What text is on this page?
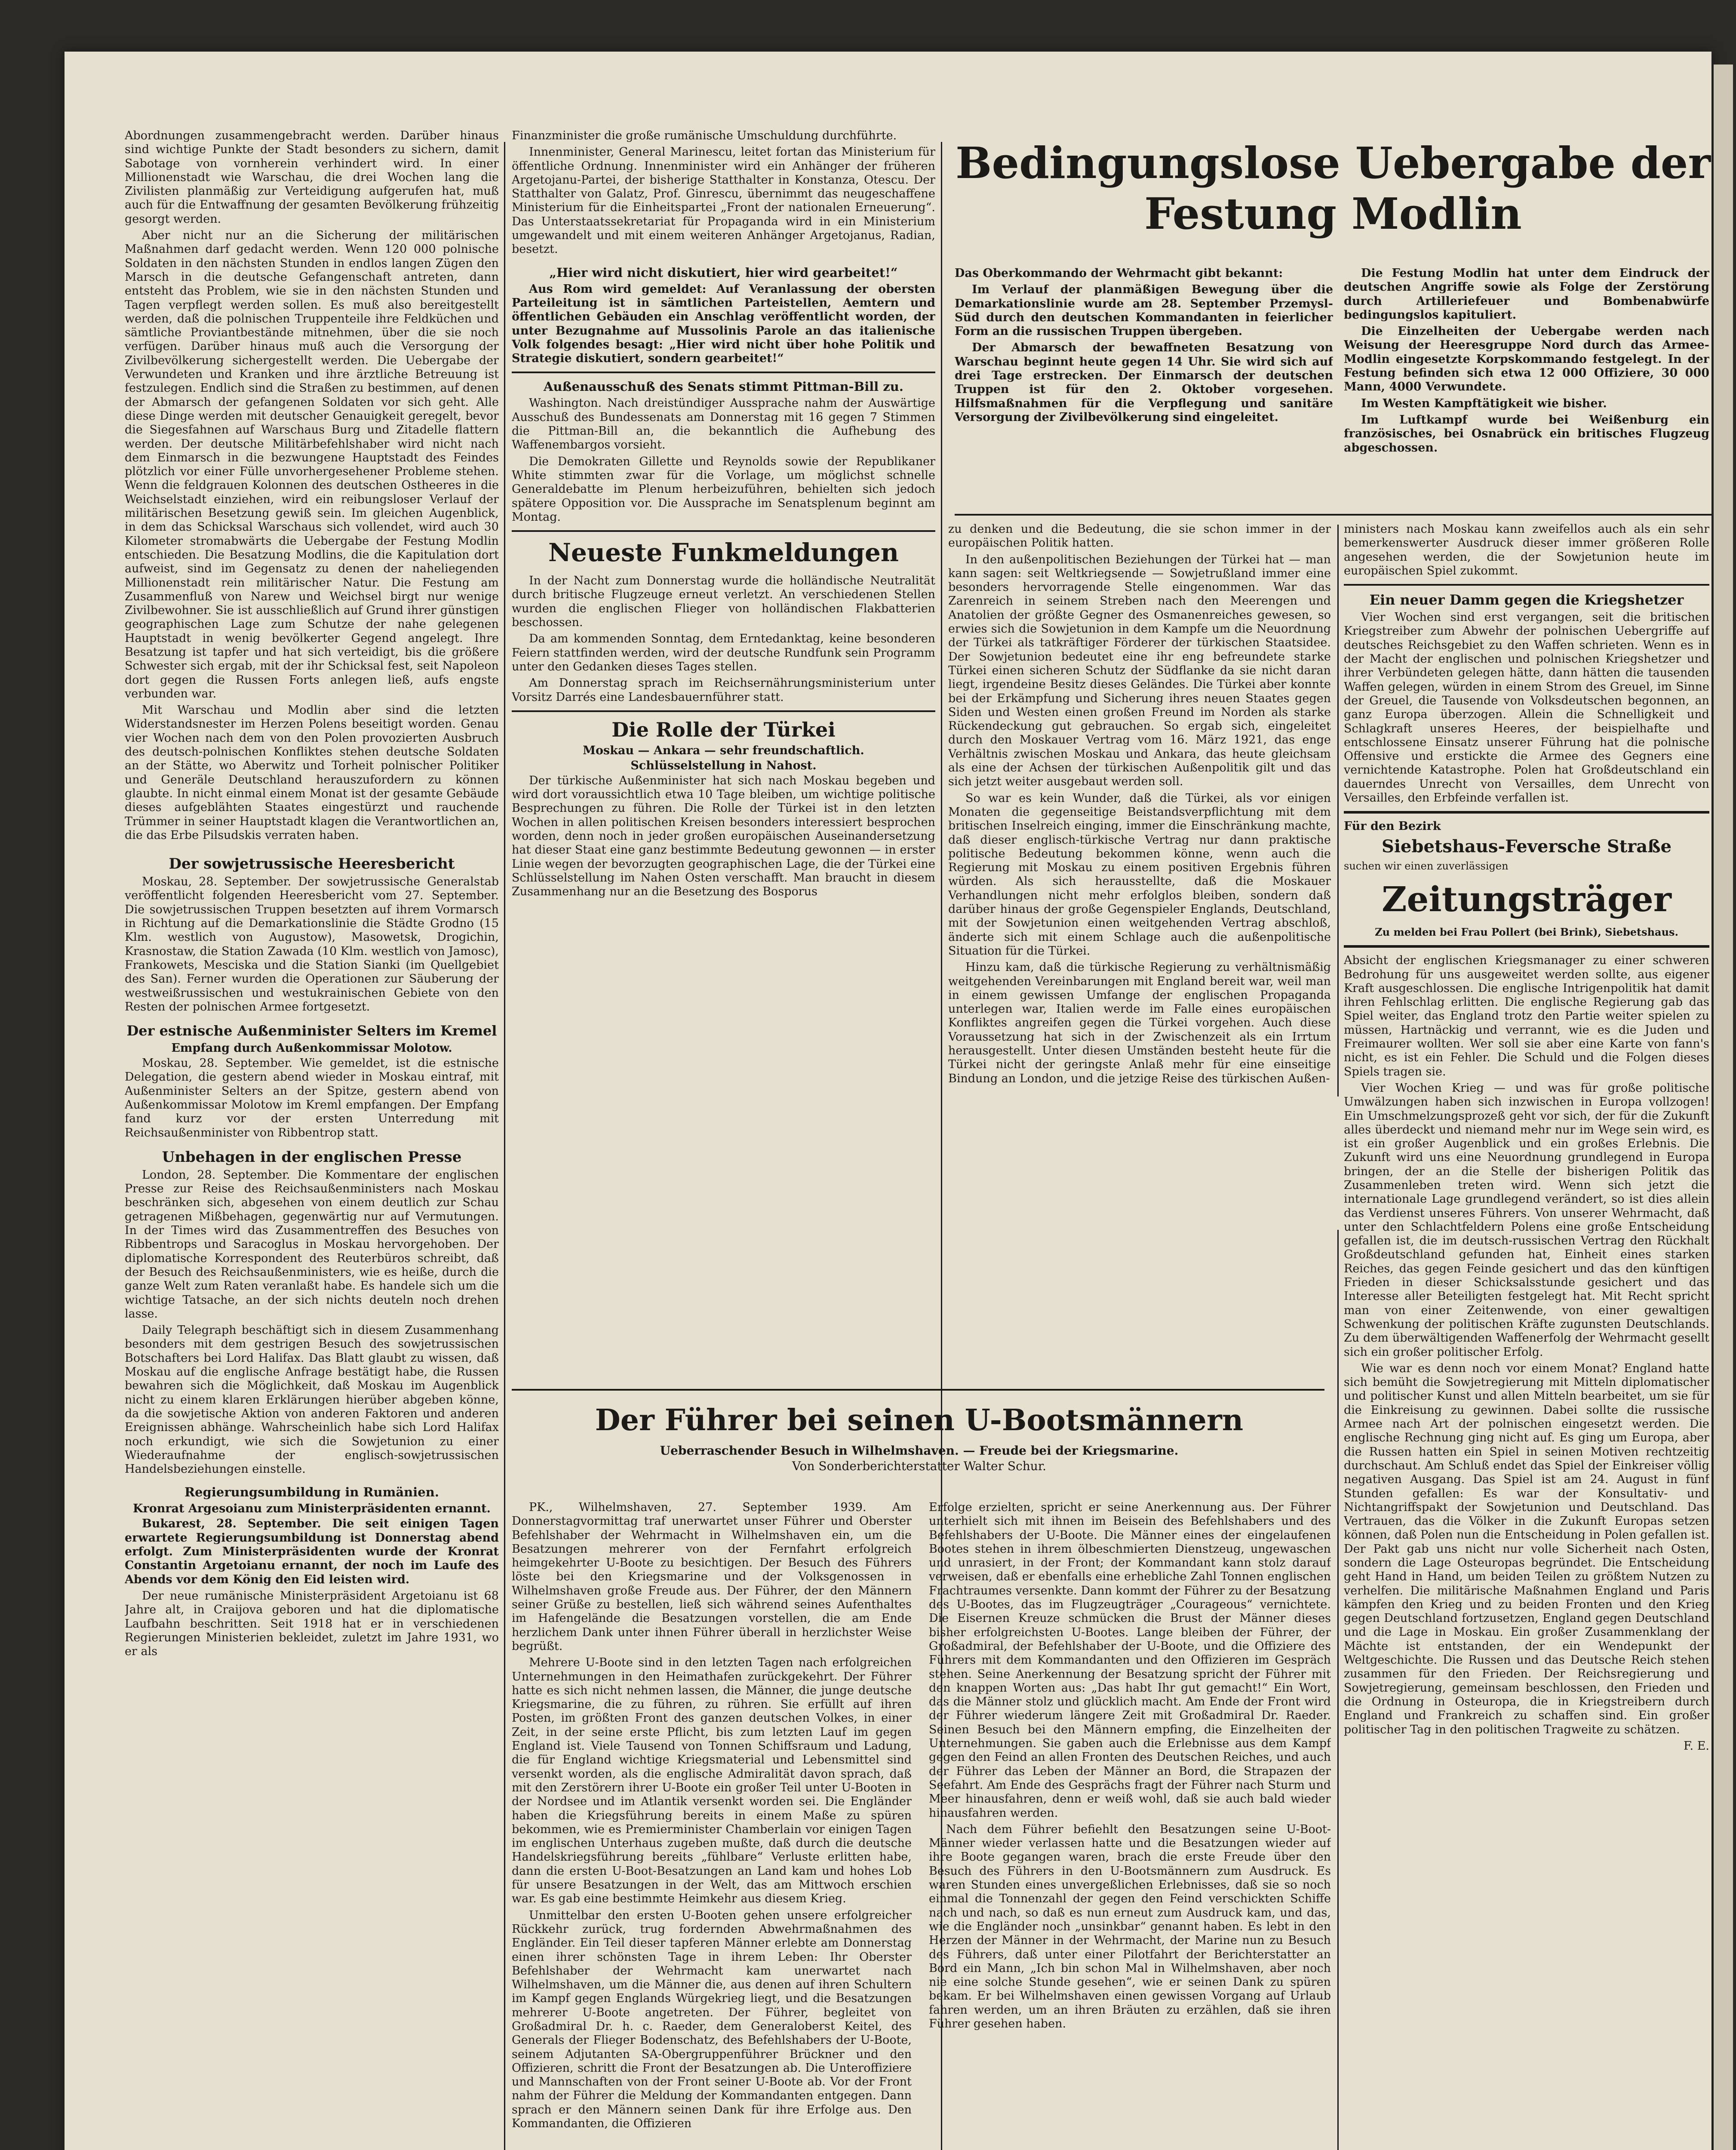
Abordnungen zusammengebracht werden. Darüber hinaus sind wichtige Punkte der Stadt besonders zu sichern, damit Sabotage von vornherein verhindert wird. In einer Millionenstadt wie Warschau, die drei Wochen lang die Zivilisten planmäßig zur Verteidigung aufgerufen hat, muß auch für die Entwaffnung der gesamten Bevölkerung frühzeitig gesorgt werden.

Aber nicht nur an die Sicherung der militärischen Maßnahmen darf gedacht werden. Wenn 120 000 polnische Soldaten in den nächsten Stunden in endlos langen Zügen den Marsch in die deutsche Gefangenschaft antreten, dann entsteht das Problem, wie sie in den nächsten Stunden und Tagen verpflegt werden sollen. Es muß also bereitgestellt werden, daß die polnischen Truppenteile ihre Feldküchen und sämtliche Proviantbestände mitnehmen, über die sie noch verfügen. Darüber hinaus muß auch die Versorgung der Zivilbevölkerung sichergestellt werden. Die Uebergabe der Verwundeten und Kranken und ihre ärztliche Betreuung ist festzulegen. Endlich sind die Straßen zu bestimmen, auf denen der Abmarsch der gefangenen Soldaten vor sich geht. Alle diese Dinge werden mit deutscher Genauigkeit geregelt, bevor die Siegesfahnen auf Warschaus Burg und Zitadelle flattern werden. Der deutsche Militärbefehlshaber wird nicht nach dem Einmarsch in die bezwungene Hauptstadt des Feindes plötzlich vor einer Fülle unvorhergesehener Probleme stehen. Wenn die feldgrauen Kolonnen des deutschen Ostheeres in die Weichselstadt einziehen, wird ein reibungsloser Verlauf der militärischen Besetzung gewiß sein. Im gleichen Augenblick, in dem das Schicksal Warschaus sich vollendet, wird auch 30 Kilometer stromabwärts die Uebergabe der Festung Modlin entschieden. Die Besatzung Modlins, die die Kapitulation dort aufweist, sind im Gegensatz zu denen der naheliegenden Millionenstadt rein militärischer Natur. Die Festung am Zusammenfluß von Narew und Weichsel birgt nur wenige Zivilbewohner. Sie ist ausschließlich auf Grund ihrer günstigen geographischen Lage zum Schutze der nahe gelegenen Hauptstadt in wenig bevölkerter Gegend angelegt. Ihre Besatzung ist tapfer und hat sich verteidigt, bis die größere Schwester sich ergab, mit der ihr Schicksal fest, seit Napoleon dort gegen die Russen Forts anlegen ließ, aufs engste verbunden war.

Mit Warschau und Modlin aber sind die letzten Widerstandsnester im Herzen Polens beseitigt worden. Genau vier Wochen nach dem von den Polen provozierten Ausbruch des deutsch-polnischen Konfliktes stehen deutsche Soldaten an der Stätte, wo Aberwitz und Torheit polnischer Politiker und Generäle Deutschland herauszufordern zu können glaubte. In nicht einmal einem Monat ist der gesamte Gebäude dieses aufgeblähten Staates eingestürzt und rauchende Trümmer in seiner Hauptstadt klagen die Verantwortlichen an, die das Erbe Pilsudskis verraten haben.

Der sowjetrussische Heeresbericht

Moskau, 28. September. Der sowjetrussische Generalstab veröffentlicht folgenden Heeresbericht vom 27. September. Die sowjetrussischen Truppen besetzten auf ihrem Vormarsch in Richtung auf die Demarkationslinie die Städte Grodno (15 Klm. westlich von Augustow), Masowetsk, Drogichin, Krasnostaw, die Station Zawada (10 Klm. westlich von Jamosc), Frankowets, Mesciska und die Station Sianki (im Quellgebiet des San). Ferner wurden die Operationen zur Säuberung der westweißrussischen und westukrainischen Gebiete von den Resten der polnischen Armee fortgesetzt.

Der estnische Außenminister Selters im Kremel
Empfang durch Außenkommissar Molotow.

Moskau, 28. September. Wie gemeldet, ist die estnische Delegation, die gestern abend wieder in Moskau eintraf, mit Außenminister Selters an der Spitze, gestern abend von Außenkommissar Molotow im Kreml empfangen. Der Empfang fand kurz vor der ersten Unterredung mit Reichsaußenminister von Ribbentrop statt.

Unbehagen in der englischen Presse

London, 28. September. Die Kommentare der englischen Presse zur Reise des Reichsaußenministers nach Moskau beschränken sich, abgesehen von einem deutlich zur Schau getragenen Mißbehagen, gegenwärtig nur auf Vermutungen. In der Times wird das Zusammentreffen des Besuches von Ribbentrops und Saracoglus in Moskau hervorgehoben. Der diplomatische Korrespondent des Reuterbüros schreibt, daß der Besuch des Reichsaußenministers, wie es heiße, durch die ganze Welt zum Raten veranlaßt habe. Es handele sich um die wichtige Tatsache, an der sich nichts deuteln noch drehen lasse.

Daily Telegraph beschäftigt sich in diesem Zusammenhang besonders mit dem gestrigen Besuch des sowjetrussischen Botschafters bei Lord Halifax. Das Blatt glaubt zu wissen, daß Moskau auf die englische Anfrage bestätigt habe, die Russen bewahren sich die Möglichkeit, daß Moskau im Augenblick nicht zu einem klaren Erklärungen hierüber abgeben könne, da die sowjetische Aktion von anderen Faktoren und anderen Ereignissen abhänge. Wahrscheinlich habe sich Lord Halifax noch erkundigt, wie sich die Sowjetunion zu einer Wiederaufnahme der englisch-sowjetrussischen Handelsbeziehungen einstelle.

Regierungsumbildung in Rumänien.
Kronrat Argesoianu zum Ministerpräsidenten ernannt.

Bukarest, 28. September. Die seit einigen Tagen erwartete Regierungsumbildung ist Donnerstag abend erfolgt. Zum Ministerpräsidenten wurde der Kronrat Constantin Argetoianu ernannt, der noch im Laufe des Abends vor dem König den Eid leisten wird.

Der neue rumänische Ministerpräsident Argetoianu ist 68 Jahre alt, in Craijova geboren und hat die diplomatische Laufbahn beschritten. Seit 1918 hat er in verschiedenen Regierungen Ministerien bekleidet, zuletzt im Jahre 1931, wo er als

Finanzminister die große rumänische Umschuldung durchführte.

Innenminister, General Marinescu, leitet fortan das Ministerium für öffentliche Ordnung. Innenminister wird ein Anhänger der früheren Argetojanu-Partei, der bisherige Statthalter in Konstanza, Otescu. Der Statthalter von Galatz, Prof. Ginrescu, übernimmt das neugeschaffene Ministerium für die Einheitspartei „Front der nationalen Erneuerung“. Das Unterstaatssekretariat für Propaganda wird in ein Ministerium umgewandelt und mit einem weiteren Anhänger Argetojanus, Radian, besetzt.

„Hier wird nicht diskutiert, hier wird gearbeitet!“

Aus Rom wird gemeldet: Auf Veranlassung der obersten Parteileitung ist in sämtlichen Parteistellen, Aemtern und öffentlichen Gebäuden ein Anschlag veröffentlicht worden, der unter Bezugnahme auf Mussolinis Parole an das italienische Volk folgendes besagt: „Hier wird nicht über hohe Politik und Strategie diskutiert, sondern gearbeitet!“

Außenausschuß des Senats stimmt Pittman-Bill zu.

Washington. Nach dreistündiger Aussprache nahm der Auswärtige Ausschuß des Bundessenats am Donnerstag mit 16 gegen 7 Stimmen die Pittman-Bill an, die bekanntlich die Aufhebung des Waffenembargos vorsieht.

Die Demokraten Gillette und Reynolds sowie der Republikaner White stimmten zwar für die Vorlage, um möglichst schnelle Generaldebatte im Plenum herbeizuführen, behielten sich jedoch spätere Opposition vor. Die Aussprache im Senatsplenum beginnt am Montag.

Neueste Funkmeldungen

In der Nacht zum Donnerstag wurde die holländische Neutralität durch britische Flugzeuge erneut verletzt. An verschiedenen Stellen wurden die englischen Flieger von holländischen Flakbatterien beschossen.

Da am kommenden Sonntag, dem Erntedanktag, keine besonderen Feiern stattfinden werden, wird der deutsche Rundfunk sein Programm unter den Gedanken dieses Tages stellen.

Am Donnerstag sprach im Reichsernährungsministerium unter Vorsitz Darrés eine Landesbauernführer statt.

Die Rolle der Türkei
Moskau — Ankara — sehr freundschaftlich.
Schlüsselstellung in Nahost.

Der türkische Außenminister hat sich nach Moskau begeben und wird dort voraussichtlich etwa 10 Tage bleiben, um wichtige politische Besprechungen zu führen. Die Rolle der Türkei ist in den letzten Wochen in allen politischen Kreisen besonders interessiert besprochen worden, denn noch in jeder großen europäischen Auseinandersetzung hat dieser Staat eine ganz bestimmte Bedeutung gewonnen — in erster Linie wegen der bevorzugten geographischen Lage, die der Türkei eine Schlüsselstellung im Nahen Osten verschafft. Man braucht in diesem Zusammenhang nur an die Besetzung des Bosporus

Bedingungslose Uebergabe der Festung Modlin

Das Oberkommando der Wehrmacht gibt bekannt:

Im Verlauf der planmäßigen Bewegung über die Demarkationslinie wurde am 28. September Przemysl-Süd durch den deutschen Kommandanten in feierlicher Form an die russischen Truppen übergeben.

Der Abmarsch der bewaffneten Besatzung von Warschau beginnt heute gegen 14 Uhr. Sie wird sich auf drei Tage erstrecken. Der Einmarsch der deutschen Truppen ist für den 2. Oktober vorgesehen. Hilfsmaßnahmen für die Verpflegung und sanitäre Versorgung der Zivilbevölkerung sind eingeleitet.

Die Festung Modlin hat unter dem Eindruck der deutschen Angriffe sowie als Folge der Zerstörung durch Artilleriefeuer und Bombenabwürfe bedingungslos kapituliert.

Die Einzelheiten der Uebergabe werden nach Weisung der Heeresgruppe Nord durch das Armee-Modlin eingesetzte Korpskommando festgelegt. In der Festung befinden sich etwa 12 000 Offiziere, 30 000 Mann, 4000 Verwundete.

Im Westen Kampftätigkeit wie bisher.

Im Luftkampf wurde bei Weißenburg ein französisches, bei Osnabrück ein britisches Flugzeug abgeschossen.

zu denken und die Bedeutung, die sie schon immer in der europäischen Politik hatten.

In den außenpolitischen Beziehungen der Türkei hat — man kann sagen: seit Weltkriegsende — Sowjetrußland immer eine besonders hervorragende Stelle eingenommen. War das Zarenreich in seinem Streben nach den Meerengen und Anatolien der größte Gegner des Osmanenreiches gewesen, so erwies sich die Sowjetunion in dem Kampfe um die Neuordnung der Türkei als tatkräftiger Förderer der türkischen Staatsidee. Der Sowjetunion bedeutet eine ihr eng befreundete starke Türkei einen sicheren Schutz der Südflanke da sie nicht daran liegt, irgendeine Besitz dieses Geländes. Die Türkei aber konnte bei der Erkämpfung und Sicherung ihres neuen Staates gegen Siden und Westen einen großen Freund im Norden als starke Rückendeckung gut gebrauchen. So ergab sich, eingeleitet durch den Moskauer Vertrag vom 16. März 1921, das enge Verhältnis zwischen Moskau und Ankara, das heute gleichsam als eine der Achsen der türkischen Außenpolitik gilt und das sich jetzt weiter ausgebaut werden soll.

So war es kein Wunder, daß die Türkei, als vor einigen Monaten die gegenseitige Beistandsverpflichtung mit dem britischen Inselreich einging, immer die Einschränkung machte, daß dieser englisch-türkische Vertrag nur dann praktische politische Bedeutung bekommen könne, wenn auch die Regierung mit Moskau zu einem positiven Ergebnis führen würden. Als sich herausstellte, daß die Moskauer Verhandlungen nicht mehr erfolglos bleiben, sondern daß darüber hinaus der große Gegenspieler Englands, Deutschland, mit der Sowjetunion einen weitgehenden Vertrag abschloß, änderte sich mit einem Schlage auch die außenpolitische Situation für die Türkei.

Hinzu kam, daß die türkische Regierung zu verhältnismäßig weitgehenden Vereinbarungen mit England bereit war, weil man in einem gewissen Umfange der englischen Propaganda unterlegen war, Italien werde im Falle eines europäischen Konfliktes angreifen gegen die Türkei vorgehen. Auch diese Voraussetzung hat sich in der Zwischenzeit als ein Irrtum herausgestellt. Unter diesen Umständen besteht heute für die Türkei nicht der geringste Anlaß mehr für eine einseitige Bindung an London, und die jetzige Reise des türkischen Außen-

ministers nach Moskau kann zweifellos auch als ein sehr bemerkenswerter Ausdruck dieser immer größeren Rolle angesehen werden, die der Sowjetunion heute im europäischen Spiel zukommt.

Ein neuer Damm gegen die Kriegshetzer

Vier Wochen sind erst vergangen, seit die britischen Kriegstreiber zum Abwehr der polnischen Uebergriffe auf deutsches Reichsgebiet zu den Waffen schrieten. Wenn es in der Macht der englischen und polnischen Kriegshetzer und ihrer Verbündeten gelegen hätte, dann hätten die tausenden Waffen gelegen, würden in einem Strom des Greuel, im Sinne der Greuel, die Tausende von Volksdeutschen begonnen, an ganz Europa überzogen. Allein die Schnelligkeit und Schlagkraft unseres Heeres, der beispielhafte und entschlossene Einsatz unserer Führung hat die polnische Offensive und erstickte die Armee des Gegners eine vernichtende Katastrophe. Polen hat Großdeutschland ein dauerndes Unrecht von Versailles, dem Unrecht von Versailles, den Erbfeinde verfallen ist.

Für den Bezirk
Siebetshaus-Feversche Straße
suchen wir einen zuverlässigen
Zeitungsträger
Zu melden bei Frau Pollert (bei Brink), Siebetshaus.

Absicht der englischen Kriegsmanager zu einer schweren Bedrohung für uns ausgeweitet werden sollte, aus eigener Kraft ausgeschlossen. Die englische Intrigenpolitik hat damit ihren Fehlschlag erlitten. Die englische Regierung gab das Spiel weiter, das England trotz den Partie weiter spielen zu müssen, Hartnäckig und verrannt, wie es die Juden und Freimaurer wollten. Wer soll sie aber eine Karte von fann's nicht, es ist ein Fehler. Die Schuld und die Folgen dieses Spiels tragen sie.

Vier Wochen Krieg — und was für große politische Umwälzungen haben sich inzwischen in Europa vollzogen! Ein Umschmelzungsprozeß geht vor sich, der für die Zukunft alles überdeckt und niemand mehr nur im Wege sein wird, es ist ein großer Augenblick und ein großes Erlebnis. Die Zukunft wird uns eine Neuordnung grundlegend in Europa bringen, der an die Stelle der bisherigen Politik das Zusammenleben treten wird. Wenn sich jetzt die internationale Lage grundlegend verändert, so ist dies allein das Verdienst unseres Führers. Von unserer Wehrmacht, daß unter den Schlachtfeldern Polens eine große Entscheidung gefallen ist, die im deutsch-russischen Vertrag den Rückhalt Großdeutschland gefunden hat, Einheit eines starken Reiches, das gegen Feinde gesichert und das den künftigen Frieden in dieser Schicksalsstunde gesichert und das Interesse aller Beteiligten festgelegt hat. Mit Recht spricht man von einer Zeitenwende, von einer gewaltigen Schwenkung der politischen Kräfte zugunsten Deutschlands. Zu dem überwältigenden Waffenerfolg der Wehrmacht gesellt sich ein großer politischer Erfolg.

Wie war es denn noch vor einem Monat? England hatte sich bemüht die Sowjetregierung mit Mitteln diplomatischer und politischer Kunst und allen Mitteln bearbeitet, um sie für die Einkreisung zu gewinnen. Dabei sollte die russische Armee nach Art der polnischen eingesetzt werden. Die englische Rechnung ging nicht auf. Es ging um Europa, aber die Russen hatten ein Spiel in seinen Motiven rechtzeitig durchschaut. Am Schluß endet das Spiel der Einkreiser völlig negativen Ausgang. Das Spiel ist am 24. August in fünf Stunden gefallen: Es war der Konsultativ- und Nichtangriffspakt der Sowjetunion und Deutschland. Das Vertrauen, das die Völker in die Zukunft Europas setzen können, daß Polen nun die Entscheidung in Polen gefallen ist. Der Pakt gab uns nicht nur volle Sicherheit nach Osten, sondern die Lage Osteuropas begründet. Die Entscheidung geht Hand in Hand, um beiden Teilen zu größtem Nutzen zu verhelfen. Die militärische Maßnahmen England und Paris kämpfen den Krieg und zu beiden Fronten und den Krieg gegen Deutschland fortzusetzen, England gegen Deutschland und die Lage in Moskau. Ein großer Zusammenklang der Mächte ist entstanden, der ein Wendepunkt der Weltgeschichte. Die Russen und das Deutsche Reich stehen zusammen für den Frieden. Der Reichsregierung und Sowjetregierung, gemeinsam beschlossen, den Frieden und die Ordnung in Osteuropa, die in Kriegstreibern durch England und Frankreich zu schaffen sind. Ein großer politischer Tag in den politischen Tragweite zu schätzen.

F. E.
Der Führer bei seinen U-Bootsmännern
Ueberraschender Besuch in Wilhelmshaven. — Freude bei der Kriegsmarine.
Von Sonderberichterstatter Walter Schur.

PK., Wilhelmshaven, 27. September 1939. Am Donnerstagvormittag traf unerwartet unser Führer und Oberster Befehlshaber der Wehrmacht in Wilhelmshaven ein, um die Besatzungen mehrerer von der Fernfahrt erfolgreich heimgekehrter U-Boote zu besichtigen. Der Besuch des Führers löste bei den Kriegsmarine und der Volksgenossen in Wilhelmshaven große Freude aus. Der Führer, der den Männern seiner Grüße zu bestellen, ließ sich während seines Aufenthaltes im Hafengelände die Besatzungen vorstellen, die am Ende herzlichem Dank unter ihnen Führer überall in herzlichster Weise begrüßt.

Mehrere U-Boote sind in den letzten Tagen nach erfolgreichen Unternehmungen in den Heimathafen zurückgekehrt. Der Führer hatte es sich nicht nehmen lassen, die Männer, die junge deutsche Kriegsmarine, die zu führen, zu rühren. Sie erfüllt auf ihren Posten, im größten Front des ganzen deutschen Volkes, in einer Zeit, in der seine erste Pflicht, bis zum letzten Lauf im gegen England ist. Viele Tausend von Tonnen Schiffsraum und Ladung, die für England wichtige Kriegsmaterial und Lebensmittel sind versenkt worden, als die englische Admiralität davon sprach, daß mit den Zerstörern ihrer U-Boote ein großer Teil unter U-Booten in der Nordsee und im Atlantik versenkt worden sei. Die Engländer haben die Kriegsführung bereits in einem Maße zu spüren bekommen, wie es Premierminister Chamberlain vor einigen Tagen im englischen Unterhaus zugeben mußte, daß durch die deutsche Handelskriegsführung bereits „fühlbare“ Verluste erlitten habe, dann die ersten U-Boot-Besatzungen an Land kam und hohes Lob für unsere Besatzungen in der Welt, das am Mittwoch erschien war. Es gab eine bestimmte Heimkehr aus diesem Krieg.

Unmittelbar den ersten U-Booten gehen unsere erfolgreicher Rückkehr zurück, trug fordernden Abwehrmaßnahmen des Engländer. Ein Teil dieser tapferen Männer erlebte am Donnerstag einen ihrer schönsten Tage in ihrem Leben: Ihr Oberster Befehlshaber der Wehrmacht kam unerwartet nach Wilhelmshaven, um die Männer die, aus denen auf ihren Schultern im Kampf gegen Englands Würgekrieg liegt, und die Besatzungen mehrerer U-Boote angetreten. Der Führer, begleitet von Großadmiral Dr. h. c. Raeder, dem Generaloberst Keitel, des Generals der Flieger Bodenschatz, des Befehlshabers der U-Boote, seinem Adjutanten SA-Obergruppenführer Brückner und den Offizieren, schritt die Front der Besatzungen ab. Die Unteroffiziere und Mannschaften von der Front seiner U-Boote ab. Vor der Front nahm der Führer die Meldung der Kommandanten entgegen. Dann sprach er den Männern seinen Dank für ihre Erfolge aus. Den Kommandanten, die Offizieren

Erfolge erzielten, spricht er seine Anerkennung aus. Der Führer unterhielt sich mit ihnen im Beisein des Befehlshabers und des Befehlshabers der U-Boote. Die Männer eines der eingelaufenen Bootes stehen in ihrem ölbeschmierten Dienstzeug, ungewaschen und unrasiert, in der Front; der Kommandant kann stolz darauf verweisen, daß er ebenfalls eine erhebliche Zahl Tonnen englischen Frachtraumes versenkte. Dann kommt der Führer zu der Besatzung des U-Bootes, das im Flugzeugträger „Courageous“ vernichtete. Die Eisernen Kreuze schmücken die Brust der Männer dieses bisher erfolgreichsten U-Bootes. Lange bleiben der Führer, der Großadmiral, der Befehlshaber der U-Boote, und die Offiziere des Führers mit dem Kommandanten und den Offizieren im Gespräch stehen. Seine Anerkennung der Besatzung spricht der Führer mit den knappen Worten aus: „Das habt Ihr gut gemacht!“ Ein Wort, das die Männer stolz und glücklich macht. Am Ende der Front wird der Führer wiederum längere Zeit mit Großadmiral Dr. Raeder. Seinen Besuch bei den Männern empfing, die Einzelheiten der Unternehmungen. Sie gaben auch die Erlebnisse aus dem Kampf gegen den Feind an allen Fronten des Deutschen Reiches, und auch der Führer das Leben der Männer an Bord, die Strapazen der Seefahrt. Am Ende des Gesprächs fragt der Führer nach Sturm und Meer hinausfahren, denn er weiß wohl, daß sie auch bald wieder hinausfahren werden.

Nach dem Führer befiehlt den Besatzungen seine U-Boot-Männer wieder verlassen hatte und die Besatzungen wieder auf ihre Boote gegangen waren, brach die erste Freude über den Besuch des Führers in den U-Bootsmännern zum Ausdruck. Es waren Stunden eines unvergeßlichen Erlebnisses, daß sie so noch einmal die Tonnenzahl der gegen den Feind verschickten Schiffe nach und nach, so daß es nun erneut zum Ausdruck kam, und das, wie die Engländer noch „unsinkbar“ genannt haben. Es lebt in den Herzen der Männer in der Wehrmacht, der Marine nun zu Besuch des Führers, daß unter einer Pilotfahrt der Berichterstatter an Bord ein Mann, „Ich bin schon Mal in Wilhelmshaven, aber noch nie eine solche Stunde gesehen“, wie er seinen Dank zu spüren bekam. Er bei Wilhelmshaven einen gewissen Vorgang auf Urlaub fahren werden, um an ihren Bräuten zu erzählen, daß sie ihren Führer gesehen haben.
